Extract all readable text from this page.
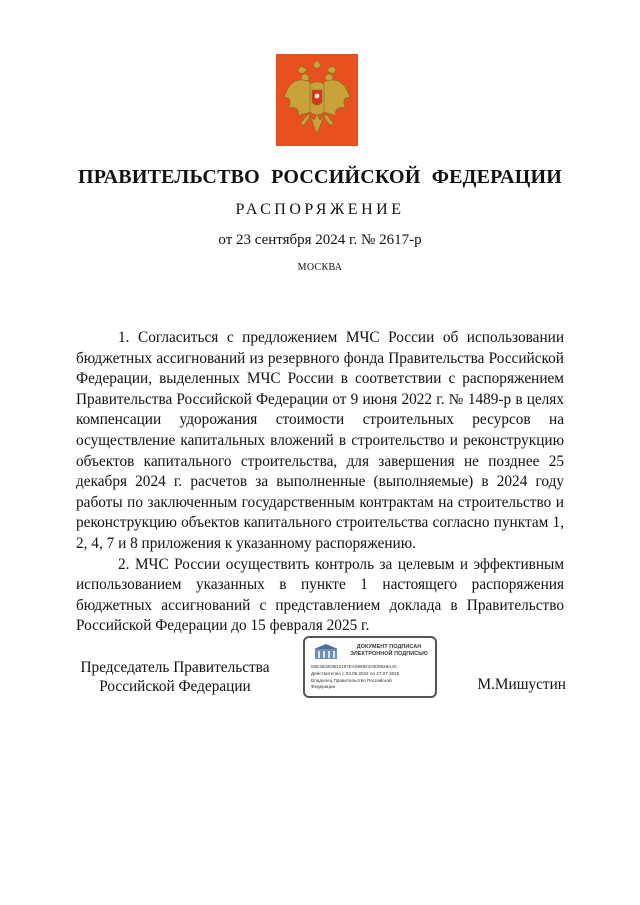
ПРАВИТЕЛЬСТВО РОССИЙСКОЙ ФЕДЕРАЦИИ
РАСПОРЯЖЕНИЕ
от 23 сентября 2024 г. № 2617-р
МОСКВА

1. Согласиться с предложением МЧС России об использовании бюджетных ассигнований из резервного фонда Правительства Российской Федерации, выделенных МЧС России в соответствии с распоряжением Правительства Российской Федерации от 9 июня 2022 г. № 1489-р в целях компенсации удорожания стоимости строительных ресурсов на осуществление капитальных вложений в строительство и реконструкцию объектов капитального строительства, для завершения не позднее 25 декабря 2024 г. расчетов за выполненные (выполняемые) в 2024 году работы по заключенным государственным контрактам на строительство и реконструкцию объектов капитального строительства согласно пунктам 1, 2, 4, 7 и 8 приложения к указанному распоряжению.

2. МЧС России осуществить контроль за целевым и эффективным использованием указанных в пункте 1 настоящего распоряжения бюджетных ассигнований с представлением доклада в Правительство Российской Федерации до 15 февраля 2025 г.

Председатель Правительства
Российской Федерации
ДОКУМЕНТ ПОДПИСАН
ЭЛЕКТРОННОЙ ПОДПИСЬЮ
00E3632D6D2197EA0989210300928A4C
Действителен с 03.05.2024 по 27.07.2025
Владелец Правительство Российской
Федерации	М.Мишустин
